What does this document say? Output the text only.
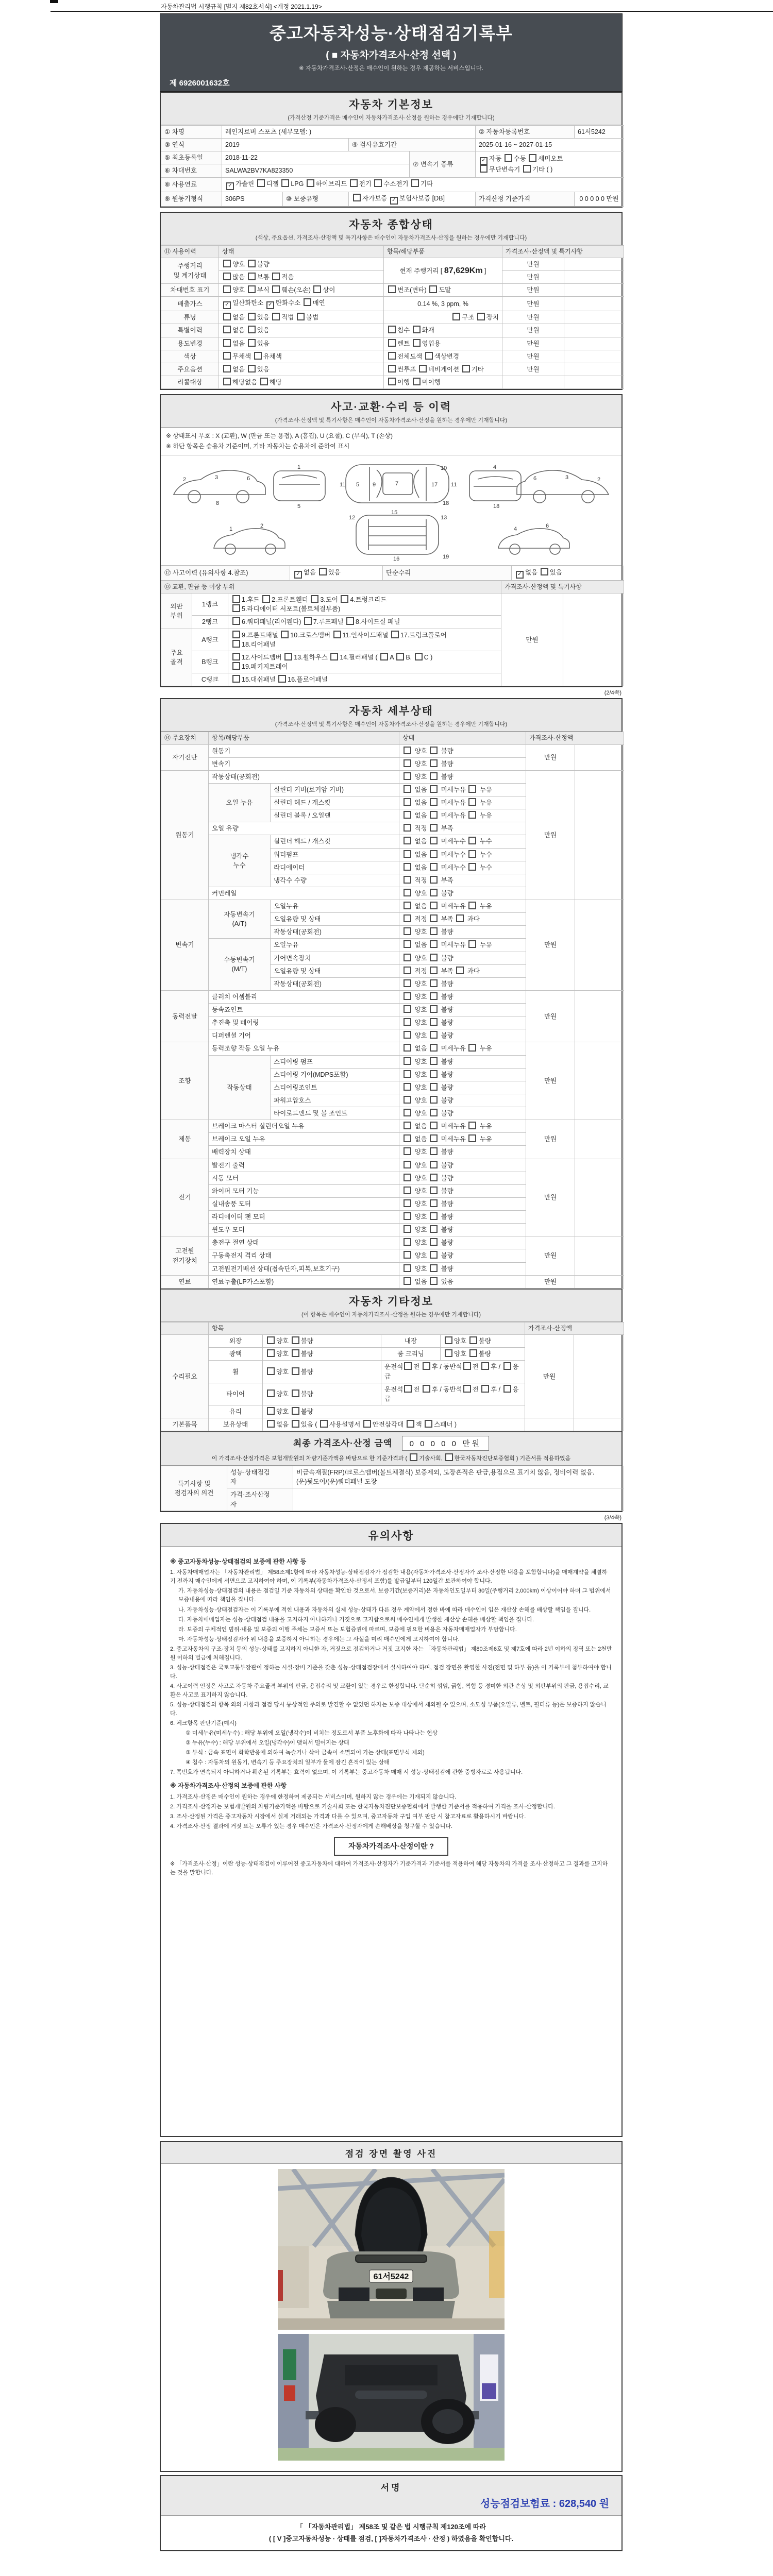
자동차관리법 시행규칙 [별지 제82호서식] <개정 2021.1.19>
중고자동차성능·상태점검기록부
( ■ 자동차가격조사·산정 선택 )
※ 자동차가격조사·산정은 매수인이 원하는 경우 제공하는 서비스입니다.
제 6926001632호
자동차 기본정보
(가격산정 기준가격은 매수인이 자동차가격조사·산정을 원하는 경우에만 기재합니다)
① 차명	레인지로버 스포츠 (세부모델: )				② 자동차등록번호	61서5242
③ 연식	2019		④ 검사유효기간		2025-01-16 ~ 2027-01-15	
⑤ 최초등록일	2018-11-22			⑦ 변속기 종류	✓ 자동 수동 세미오토
무단변속기 기타 ( )	
⑥ 차대번호	SALWA2BV7KA823350					
⑧ 사용연료	✓ 가솔린 디젤 LPG 하이브리드 전기 수소전기 기타					
⑨ 원동기형식	306PS	⑩ 보증유형	자가보증 ✓ 보험사보증 [DB]		가격산정 기준가격	0 0 0 0 0 만원
자동차 종합상태
(색상, 주요옵션, 가격조사·산정액 및 특기사항은 매수인이 자동차가격조사·산정을 원하는 경우에만 기재합니다)
⑪ 사용이력	상태	항목/해당부품	가격조사·산정액 및 특기사항	
주행거리
및 계기상태	양호 불량	현재 주행거리 [ 87,629Km ]	만원	
	많음 보통 적음		만원	
차대번호 표기	양호 부식 훼손(오손) 상이	변조(변타) 도말	만원	
배출가스	✓ 일산화탄소 ✓ 탄화수소 매연	0.14 %, 3 ppm, %	만원	
튜닝	없음 있음 적법 불법	구조 장치	만원	
특별이력	없음 있음	침수 화재	만원	
용도변경	없음 있음	렌트 영업용	만원	
색상	무채색 유채색	전체도색 색상변경	만원	
주요옵션	없음 있음	썬루프 네비게이션 기타	만원	
리콜대상	해당없음 해당	이행 미이행		
사고·교환·수리 등 이력
(가격조사·산정액 및 특기사항은 매수인이 자동차가격조사·산정을 원하는 경우에만 기재합니다)
※ 상태표시 부호 : X (교환), W (판금 또는 용접), A (흠집), U (요철), C (부식), T (손상)
※ 하단 항목은 승용차 기준이며, 기타 자동차는 승용차에 준하여 표시
2	3	6
8
1
5
11	11
5 9	7	17
10
18
4
18
2
3
6
1	2
12	13
15
16	19
4	6
⑫ 사고이력 (유의사항 4.참조)	✓ 없음 있음	단순수리	✓ 없음 있음
⑬ 교환, 판금 등 이상 부위			가격조사·산정액 및 특기사항	
외판
부위	1랭크	1.후드 2.프론트휀더 3.도어 4.트렁크리드
5.라디에이터 서포트(볼트체결부품)	만원	
	2랭크	6.쿼터패널(리어휀다) 7.루프패널 8.사이드실 패널		
주요
골격	A랭크	9.프론트패널 10.크로스멤버 11.인사이드패널 17.트렁크플로어
18.리어패널		
	B랭크	12.사이드멤버 13.휠하우스 14.필러패널 ( A B. C )
19.패키지트레이		
	C랭크	15.대쉬패널 16.플로어패널		
(2/4쪽)
자동차 세부상태
(가격조사·산정액 및 특기사항은 매수인이 자동차가격조사·산정을 원하는 경우에만 기재합니다)
⑭ 주요장치	항목/해당부품		상태	가격조사·산정액	
자기진단	원동기		양호  불량	만원	
	변속기		양호  불량		
원동기	작동상태(공회전)		양호  불량	만원	
	오일 누유	실린더 커버(로커암 커버)	없음  미세누유  누유		
		실린더 헤드 / 개스킷	없음  미세누유  누유		
		실린더 블록 / 오일팬	없음  미세누유  누유		
	오일 유량		적정  부족		
	냉각수
누수	실린더 헤드 / 개스킷	없음  미세누수  누수		
		워터펌프	없음  미세누수  누수		
		라디에이터	없음  미세누수  누수		
		냉각수 수량	적정  부족		
	커먼레일		양호  불량		
변속기	자동변속기
(A/T)	오일누유	없음  미세누유  누유	만원	
		오일유량 및 상태	적정  부족  과다		
		작동상태(공회전)	양호  불량		
	수동변속기
(M/T)	오일누유	없음  미세누유  누유		
		기어변속장치	양호  불량		
		오일유량 및 상태	적정  부족  과다		
		작동상태(공회전)	양호  불량		
동력전달	클러치 어셈블리		양호  불량	만원	
	등속죠인트		양호  불량		
	추진축 및 베어링		양호  불량		
	디퍼렌셜 기어		양호  불량		
조향	동력조향 작동 오일 누유		없음  미세누유  누유	만원	
	작동상태	스티어링 펌프	양호  불량		
		스티어링 기어(MDPS포함)	양호  불량		
		스티어링조인트	양호  불량		
		파워고압호스	양호  불량		
		타이로드엔드 및 볼 조인트	양호  불량		
제동	브레이크 마스터 실린더오일 누유		없음  미세누유  누유	만원	
	브레이크 오일 누유		없음  미세누유  누유		
	배력장치 상태		양호  불량		
전기	발전기 출력		양호  불량	만원	
	시동 모터		양호  불량		
	와이퍼 모터 기능		양호  불량		
	실내송풍 모터		양호  불량		
	라디에이터 팬 모터		양호  불량		
	윈도우 모터		양호  불량		
고전원
전기장치	충전구 절연 상태		양호  불량	만원	
	구동축전지 격리 상태		양호  불량		
	고전원전기배선 상태(접속단자,피복,보호기구)		양호  불량		
연료	연료누출(LP가스포함)		없음  있음	만원	
자동차 기타정보
(이 항목은 매수인이 자동차가격조사·산정을 원하는 경우에만 기재합니다)
	항목				가격조사·산정액	
수리필요	외장	양호 불량	내장	양호 불량	만원	
	광택	양호 불량	룸 크리닝	양호 불량		
	휠	양호 불량	운전석 전 후 / 동반석 전 후 / 응급			
	타이어	양호 불량	운전석 전 후 / 동반석 전 후 / 응급			
	유리	양호 불량				
기본품목	보유상태	없음 있음 ( 사용설명서 안전삼각대 잭 스패너 )				
최종 가격조사·산정 금액 0 0 0 0 0 만원
이 가격조사·산정가격은 보험개발원의 차량기준가액을 바탕으로 한 기준가격과 ( 기술사회, 한국자동차진단보증협회 ) 기준서를 적용하였음
특기사항 및
점검자의 의견	성능·상태점검
자	비금속재질(FRP)/크로스멤버(볼트체결식) 보증제외, 도장흔적은 판금,용접으로 표기치 않음, 정비이력 없음.
(운)뒷도어/(운)쿼터패널 도장
	가격·조사산정
자	

(3/4쪽)
유의사항
※ 중고자동차성능·상태점검의 보증에 관한 사항 등
1. 자동차매매업자는 「자동차관리법」 제58조제1항에 따라 자동차성능·상태점검자가 점검한 내용(자동차가격조사·산정자가 조사·산정한 내용을 포함합니다)을 매매계약을 체결하기 전까지 매수인에게 서면으로 고지하여야 하며, 이 기록부(자동차가격조사·산정서 포함)를 발급일부터 120일간 보관하여야 합니다.
가. 자동차성능·상태점검의 내용은 점검일 기준 자동차의 상태를 확인한 것으로서, 보증기간(보증거리)은 자동차인도일부터 30일(주행거리 2,000km) 이상이어야 하며 그 범위에서 보증내용에 따라 책임을 집니다.
나. 자동차성능·상태점검자는 이 기록부에 적힌 내용과 자동차의 실제 성능·상태가 다른 경우 계약에서 정한 바에 따라 매수인이 입은 재산상 손해를 배상할 책임을 집니다.
다. 자동차매매업자는 성능·상태점검 내용을 고지하지 아니하거나 거짓으로 고지함으로써 매수인에게 발생한 재산상 손해를 배상할 책임을 집니다.
라. 보증의 구체적인 범위·내용 및 보증의 이행 주체는 보증서 또는 보험증권에 따르며, 보증에 필요한 비용은 자동차매매업자가 부담합니다.
마. 자동차성능·상태점검자가 위 내용을 보증하지 아니하는 경우에는 그 사실을 미리 매수인에게 고지하여야 합니다.
2. 중고자동차의 구조·장치 등의 성능·상태를 고지하지 아니한 자, 거짓으로 점검하거나 거짓 고지한 자는 「자동차관리법」 제80조제6호 및 제7호에 따라 2년 이하의 징역 또는 2천만원 이하의 벌금에 처해집니다.
3. 성능·상태점검은 국토교통부장관이 정하는 시설·장비 기준을 갖춘 성능·상태점검장에서 실시하여야 하며, 점검 장면을 촬영한 사진(전면 및 하부 등)을 이 기록부에 첨부하여야 합니다.
4. 사고이력 인정은 사고로 자동차 주요골격 부위의 판금, 용접수리 및 교환이 있는 경우로 한정합니다. 단순히 꺾임, 긁힘, 찍힘 등 경미한 외관 손상 및 외판부위의 판금, 용접수리, 교환은 사고로 표기하지 않습니다.
5. 성능·상태점검의 항목 외의 사항과 점검 당시 통상적인 주의로 발견할 수 없었던 하자는 보증 대상에서 제외될 수 있으며, 소모성 부품(오일류, 벨트, 필터류 등)은 보증하지 않습니다.
6. 체크항목 판단기준(예시)
① 미세누유(미세누수) : 해당 부위에 오일(냉각수)이 비치는 정도로서 부품 노후화에 따라 나타나는 현상
② 누유(누수) : 해당 부위에서 오일(냉각수)이 맺혀서 떨어지는 상태
③ 부식 : 금속 표면이 화학반응에 의하여 녹슬거나 삭아 금속이 소멸되어 가는 상태(표면부식 제외)
④ 침수 : 자동차의 원동기, 변속기 등 주요장치의 일부가 물에 잠긴 흔적이 있는 상태
7. 쪽번호가 연속되지 아니하거나 훼손된 기록부는 효력이 없으며, 이 기록부는 중고자동차 매매 시 성능·상태점검에 관한 증빙자료로 사용됩니다.
※ 자동차가격조사·산정의 보증에 관한 사항
1. 가격조사·산정은 매수인이 원하는 경우에 한정하여 제공되는 서비스이며, 원하지 않는 경우에는 기재되지 않습니다.
2. 가격조사·산정자는 보험개발원의 차량기준가액을 바탕으로 기술사회 또는 한국자동차진단보증협회에서 발행한 기준서를 적용하여 가격을 조사·산정합니다.
3. 조사·산정된 가격은 중고자동차 시장에서 실제 거래되는 가격과 다를 수 있으며, 중고자동차 구입 여부 판단 시 참고자료로 활용하시기 바랍니다.
4. 가격조사·산정 결과에 거짓 또는 오류가 있는 경우 매수인은 가격조사·산정자에게 손해배상을 청구할 수 있습니다.
자동차가격조사·산정이란 ?
※ 「가격조사·산정」이란 성능·상태점검이 이루어진 중고자동차에 대하여 가격조사·산정자가 기준가격과 기준서를 적용하여 해당 자동차의 가격을 조사·산정하고 그 결과를 고지하는 것을 말합니다.
점검 장면 촬영 사진
61서5242
서명
성능점검보험료 : 628,540 원
「 「자동차관리법」 제58조 및 같은 법 시행규칙 제120조에 따라
( [ V ]중고자동차성능 · 상태를 점검, [ ]자동차가격조사 · 산정 ) 하였음을 확인합니다.
